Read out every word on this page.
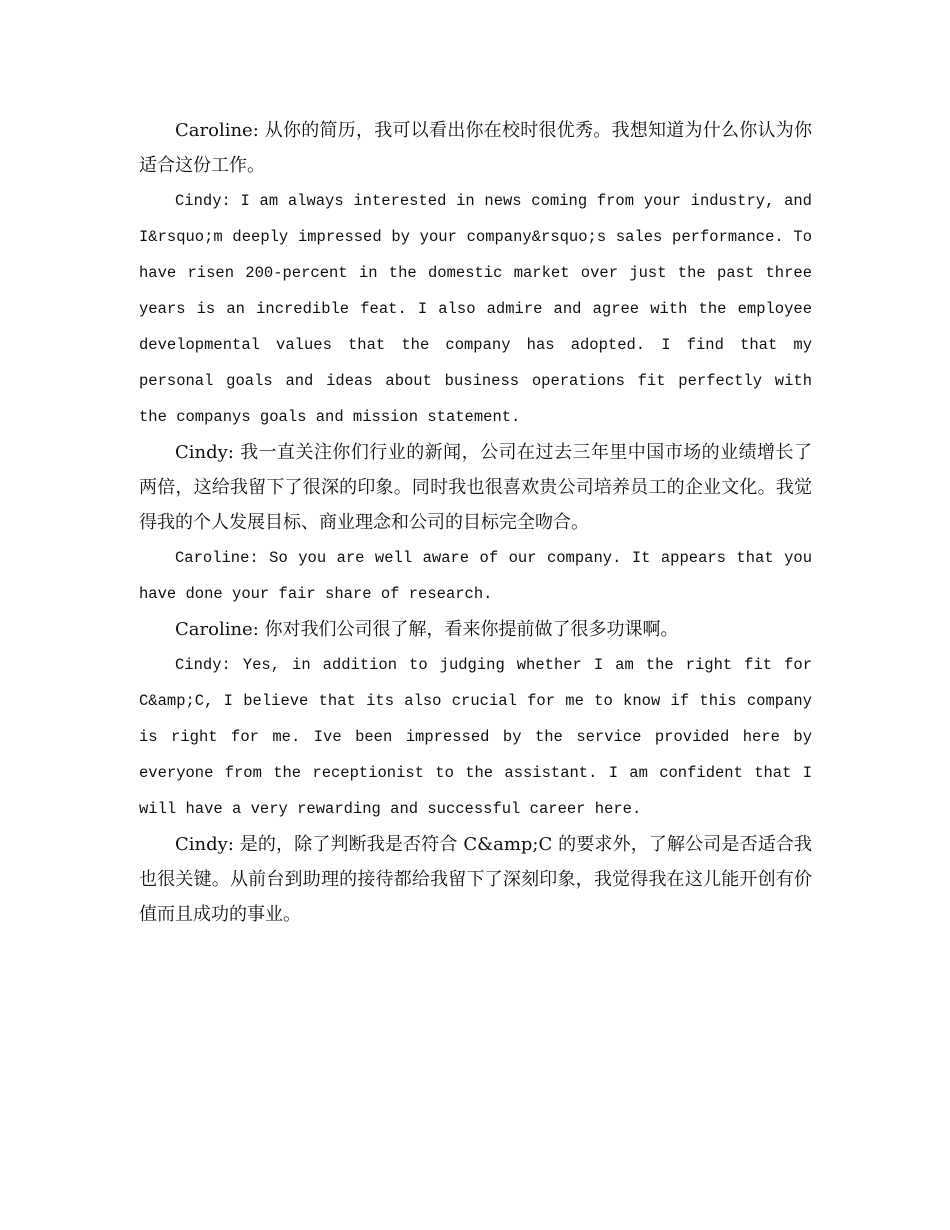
Caroline: 从你的简历，我可以看出你在校时很优秀。我想知道为什么你认为你适合这份工作。

Cindy: I am always interested in news coming from your industry, and I&rsquo;m deeply impressed by your company&rsquo;s sales performance. To have risen 200-percent in the domestic market over just the past three years is an incredible feat. I also admire and agree with the employee developmental values that the company has adopted. I find that my personal goals and ideas about business operations fit perfectly with the companys goals and mission statement.

Cindy: 我一直关注你们行业的新闻，公司在过去三年里中国市场的业绩增长了两倍，这给我留下了很深的印象。同时我也很喜欢贵公司培养员工的企业文化。我觉得我的个人发展目标、商业理念和公司的目标完全吻合。

Caroline: So you are well aware of our company. It appears that you have done your fair share of research.

Caroline: 你对我们公司很了解，看来你提前做了很多功课啊。

Cindy: Yes, in addition to judging whether I am the right fit for C&amp;C, I believe that its also crucial for me to know if this company is right for me. Ive been impressed by the service provided here by everyone from the receptionist to the assistant. I am confident that I will have a very rewarding and successful career here.

Cindy: 是的，除了判断我是否符合 C&amp;C 的要求外，了解公司是否适合我也很关键。从前台到助理的接待都给我留下了深刻印象，我觉得我在这儿能开创有价值而且成功的事业。
